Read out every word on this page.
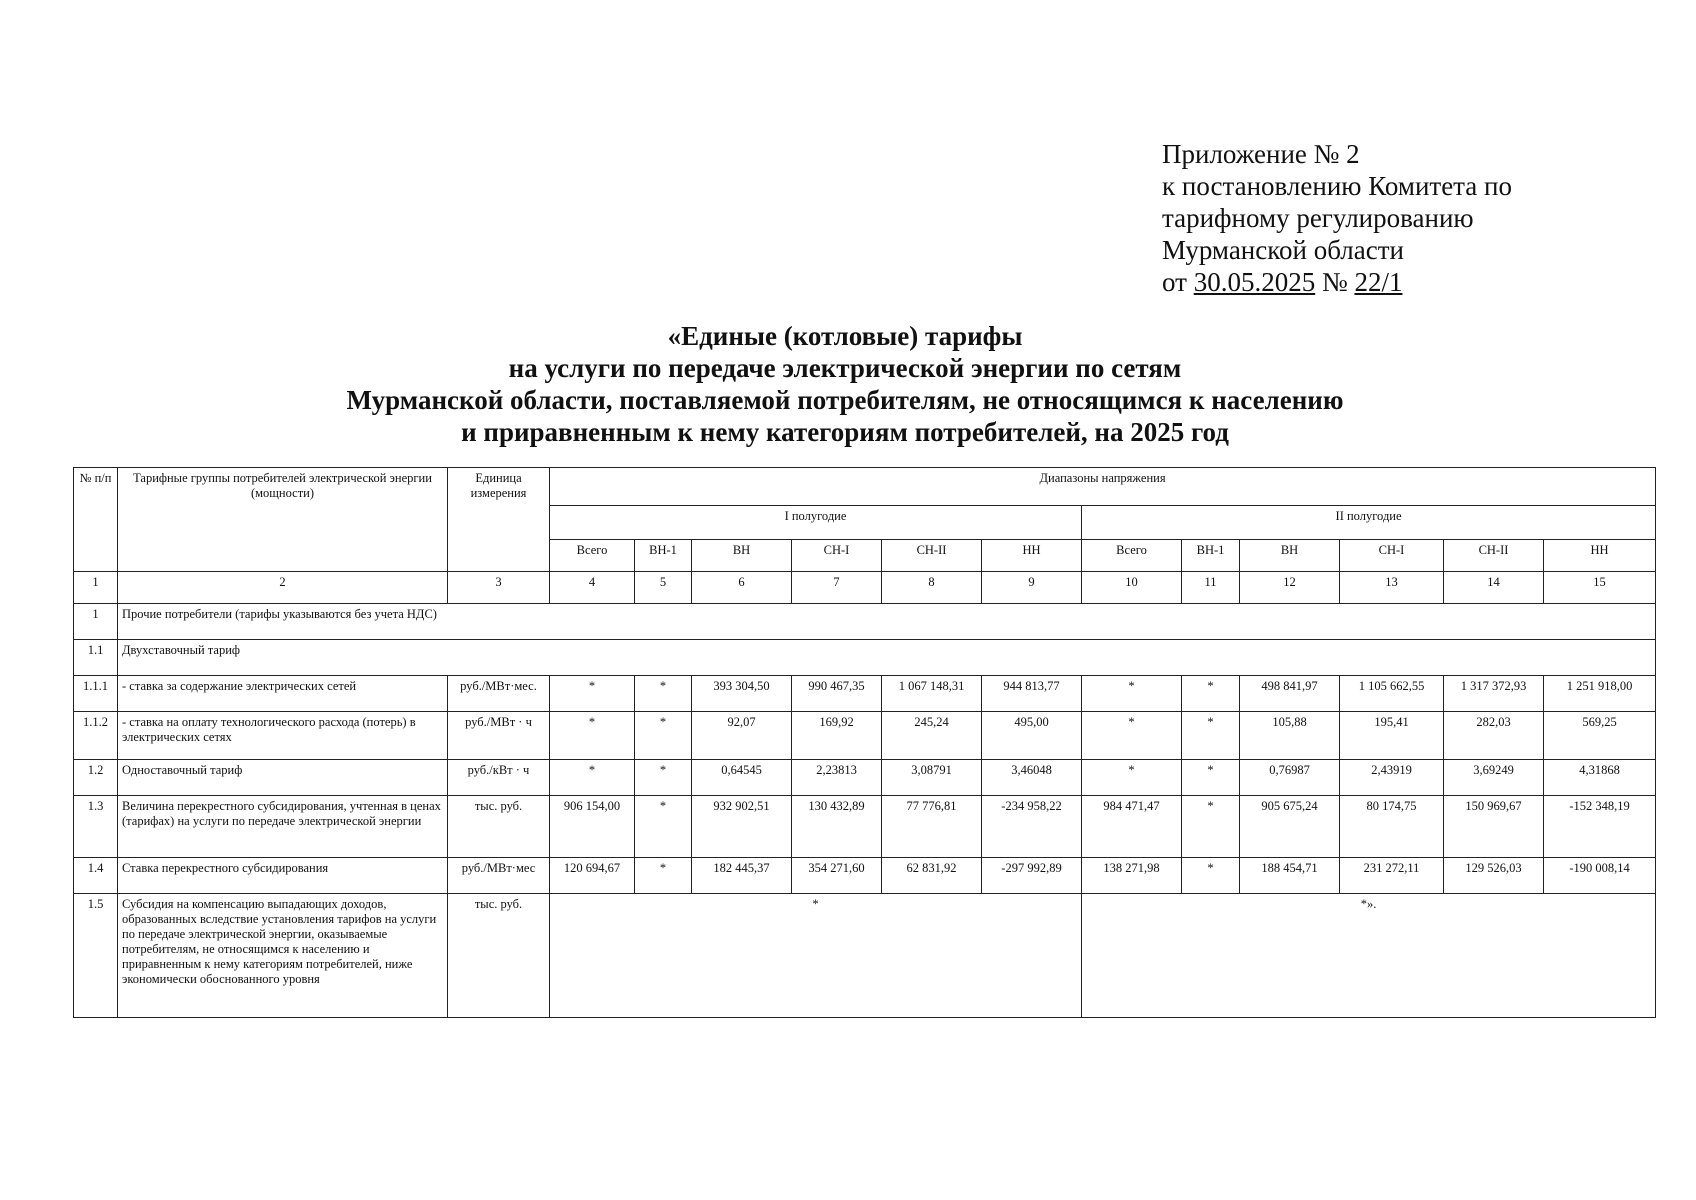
Приложение № 2
к постановлению Комитета по
тарифному регулированию
Мурманской области
от 30.05.2025 № 22/1
«Единые (котловые) тарифы
на услуги по передаче электрической энергии по сетям
Мурманской области, поставляемой потребителям, не относящимся к населению
и приравненным к нему категориям потребителей, на 2025 год
№ п/п	Тарифные группы потребителей электрической энергии (мощности)	Единица измерения	Диапазоны напряжения											
			I полугодие						II полугодие					
			Всего	ВН-1	ВН	СН-I	СН-II	НН	Всего	ВН-1	ВН	СН-I	СН-II	НН
1	2	3	4	5	6	7	8	9	10	11	12	13	14	15
1	Прочие потребители (тарифы указываются без учета НДС)													
1.1	Двухставочный тариф													
1.1.1	- ставка за содержание электрических сетей	руб./МВт·мес.	*	*	393 304,50	990 467,35	1 067 148,31	944 813,77	*	*	498 841,97	1 105 662,55	1 317 372,93	1 251 918,00
1.1.2	- ставка на оплату технологического расхода (потерь) в электрических сетях	руб./МВт · ч	*	*	92,07	169,92	245,24	495,00	*	*	105,88	195,41	282,03	569,25
1.2	Одноставочный тариф	руб./кВт · ч	*	*	0,64545	2,23813	3,08791	3,46048	*	*	0,76987	2,43919	3,69249	4,31868
1.3	Величина перекрестного субсидирования, учтенная в ценах (тарифах) на услуги по передаче электрической энергии	тыс. руб.	906 154,00	*	932 902,51	130 432,89	77 776,81	-234 958,22	984 471,47	*	905 675,24	80 174,75	150 969,67	-152 348,19
1.4	Ставка перекрестного субсидирования	руб./МВт·мес	120 694,67	*	182 445,37	354 271,60	62 831,92	-297 992,89	138 271,98	*	188 454,71	231 272,11	129 526,03	-190 008,14
1.5	Субсидия на компенсацию выпадающих доходов, образованных вследствие установления тарифов на услуги по передаче электрической энергии, оказываемые потребителям, не относящимся к населению и приравненным к нему категориям потребителей, ниже экономически обоснованного уровня	тыс. руб.	*						*».					
